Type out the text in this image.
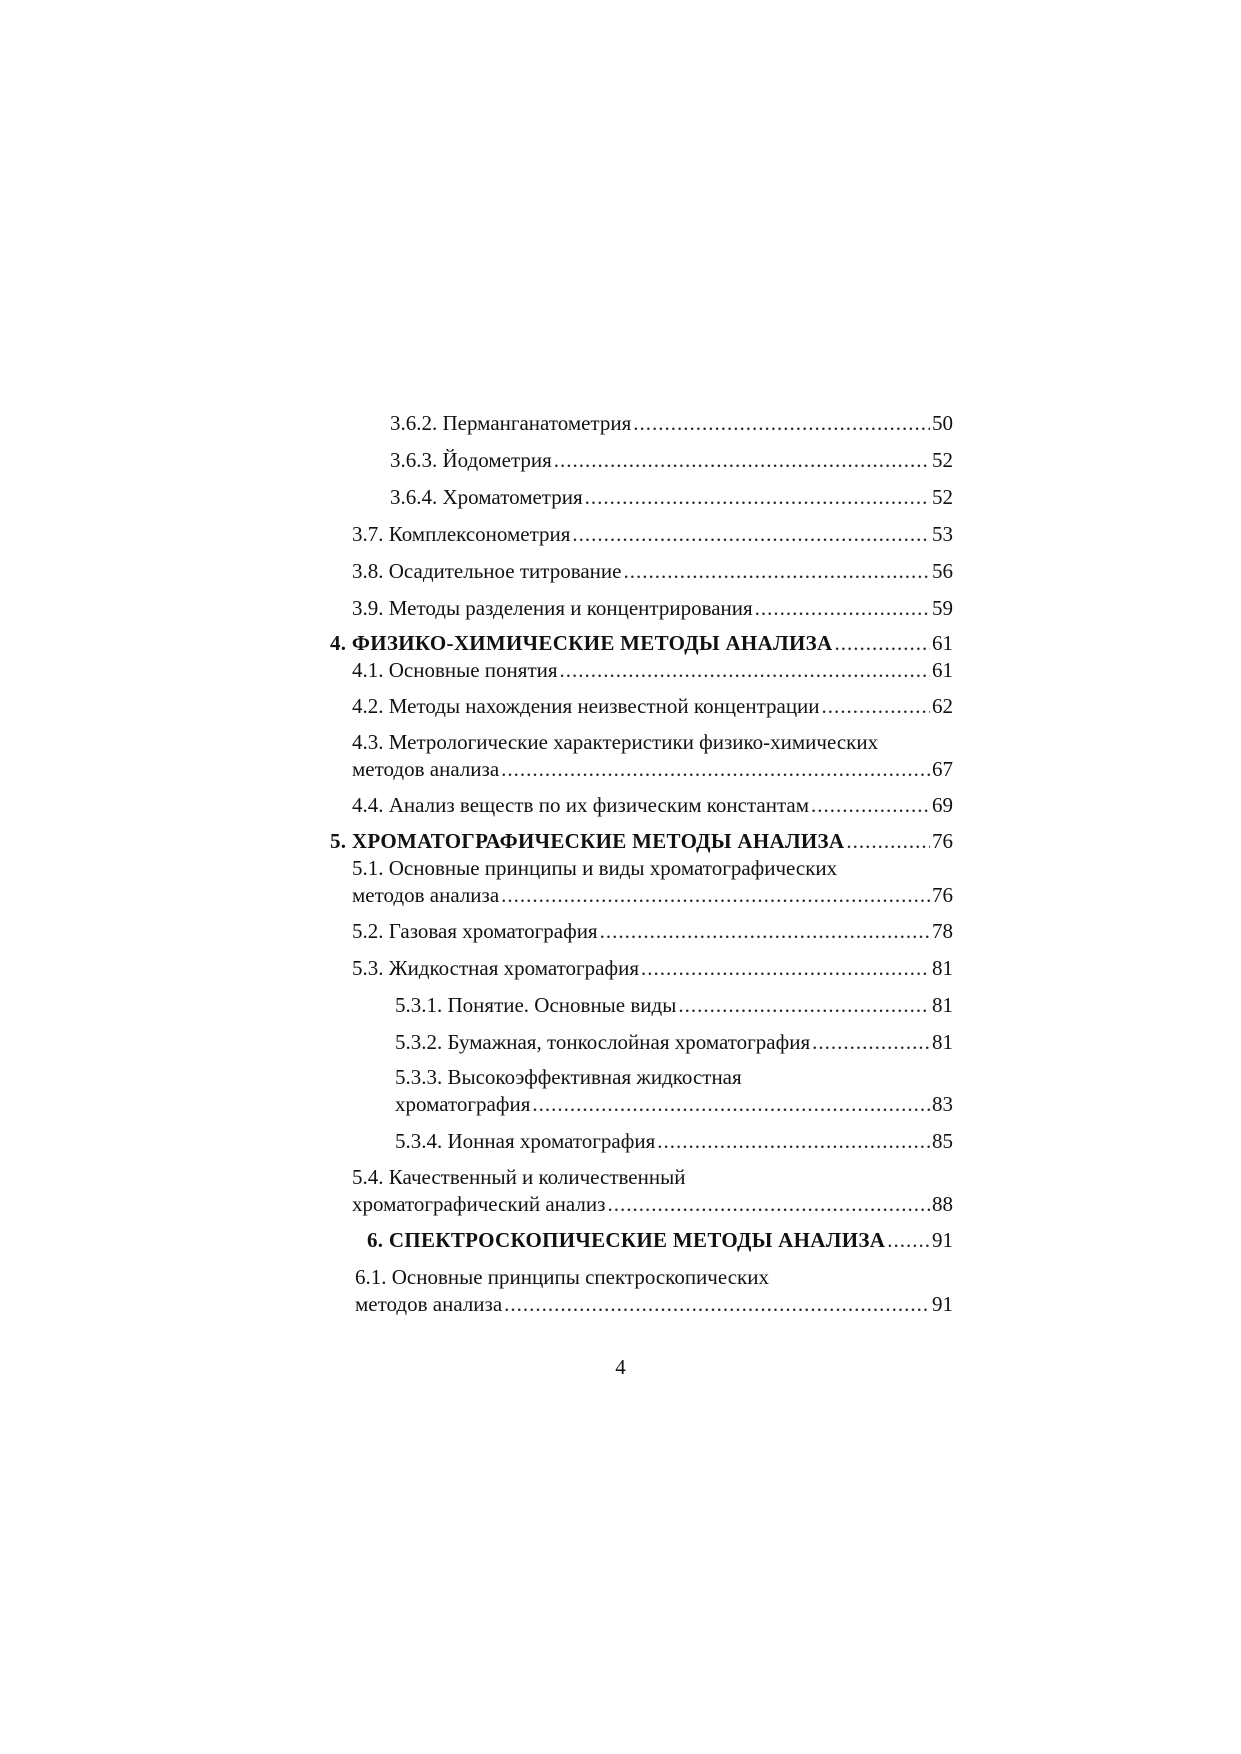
3.6.2. Перманганатометрия .....	50
3.6.3. Йодометрия .....	52
3.6.4. Хроматометрия .....	52
3.7. Комплексонометрия .....	53
3.8. Осадительное титрование .....	56
3.9. Методы разделения и концентрирования .....	59
4. ФИЗИКО-ХИМИЧЕСКИЕ МЕТОДЫ АНАЛИЗА .....	61
4.1. Основные понятия .....	61
4.2. Методы нахождения неизвестной концентрации .....	62
4.3. Метрологические характеристики физико-химических
методов анализа .....	67
4.4. Анализ веществ по их физическим константам .....	69
5. ХРОМАТОГРАФИЧЕСКИЕ МЕТОДЫ АНАЛИЗА .....	76
5.1. Основные принципы и виды хроматографических
методов анализа .....	76
5.2. Газовая хроматография .....	78
5.3. Жидкостная хроматография .....	81
5.3.1. Понятие. Основные виды .....	81
5.3.2. Бумажная, тонкослойная хроматография .....	81
5.3.3. Высокоэффективная жидкостная
хроматография .....	83
5.3.4. Ионная хроматография .....	85
5.4. Качественный и количественный
хроматографический анализ .....	88
6. СПЕКТРОСКОПИЧЕСКИЕ МЕТОДЫ АНАЛИЗА ..... 91
6.1. Основные принципы спектроскопических
методов анализа .....	91
4
